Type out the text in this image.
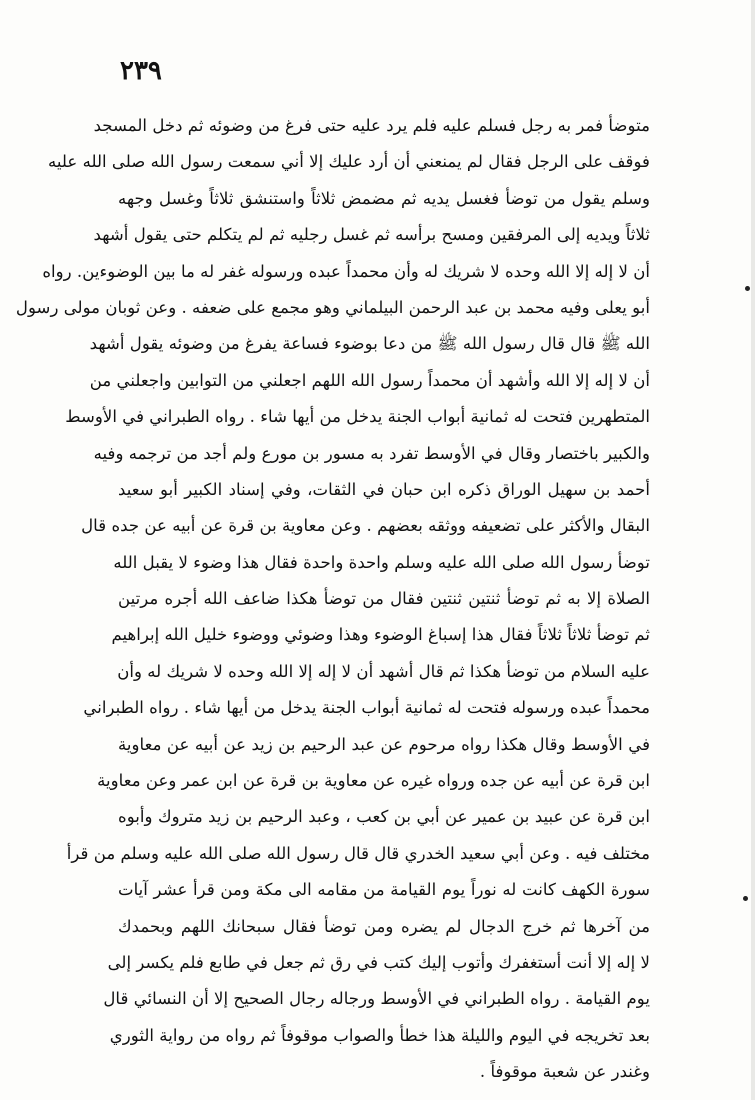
٢٣٩
متوضأ فمر به رجل فسلم عليه فلم يرد عليه حتى فرغ من وضوئه ثم دخل المسجد
فوقف على الرجل فقال لم يمنعني أن أرد عليك إلا أني سمعت رسول الله صلى الله عليه
وسلم يقول من توضأ فغسل يديه ثم مضمض ثلاثاً واستنشق ثلاثاً وغسل وجهه
ثلاثاً ويديه إلى المرفقين ومسح برأسه ثم غسل رجليه ثم لم يتكلم حتى يقول أشهد
أن لا إله إلا الله وحده لا شريك له وأن محمداً عبده ورسوله غفر له ما بين الوضوءين. رواه
أبو يعلى وفيه محمد بن عبد الرحمن البيلماني وهو مجمع على ضعفه . وعن ثوبان مولى رسول
الله ﷺ قال قال رسول الله ﷺ من دعا بوضوء فساعة يفرغ من وضوئه يقول أشهد
أن لا إله إلا الله وأشهد أن محمداً رسول الله اللهم اجعلني من التوابين واجعلني من
المتطهرين فتحت له ثمانية أبواب الجنة يدخل من أيها شاء . رواه الطبراني في الأوسط
والكبير باختصار وقال في الأوسط تفرد به مسور بن مورع ولم أجد من ترجمه وفيه
أحمد بن سهيل الوراق ذكره ابن حبان في الثقات، وفي إسناد الكبير أبو سعيد
البقال والأكثر على تضعيفه ووثقه بعضهم . وعن معاوية بن قرة عن أبيه عن جده قال
توضأ رسول الله صلى الله عليه وسلم واحدة واحدة فقال هذا وضوء لا يقبل الله
الصلاة إلا به ثم توضأ ثنتين ثنتين فقال من توضأ هكذا ضاعف الله أجره مرتين
ثم توضأ ثلاثاً ثلاثاً فقال هذا إسباغ الوضوء وهذا وضوئي ووضوء خليل الله إبراهيم
عليه السلام من توضأ هكذا ثم قال أشهد أن لا إله إلا الله وحده لا شريك له وأن
محمداً عبده ورسوله فتحت له ثمانية أبواب الجنة يدخل من أيها شاء . رواه الطبراني
في الأوسط وقال هكذا رواه مرحوم عن عبد الرحيم بن زيد عن أبيه عن معاوية
ابن قرة عن أبيه عن جده ورواه غيره عن معاوية بن قرة عن ابن عمر وعن معاوية
ابن قرة عن عبيد بن عمير عن أبي بن كعب ، وعبد الرحيم بن زيد متروك وأبوه
مختلف فيه . وعن أبي سعيد الخدري قال قال رسول الله صلى الله عليه وسلم من قرأ
سورة الكهف كانت له نوراً يوم القيامة من مقامه الى مكة ومن قرأ عشر آيات
من آخرها ثم خرج الدجال لم يضره ومن توضأ فقال سبحانك اللهم وبحمدك
لا إله إلا أنت أستغفرك وأتوب إليك كتب في رق ثم جعل في طابع فلم يكسر إلى
يوم القيامة . رواه الطبراني في الأوسط ورجاله رجال الصحيح إلا أن النسائي قال
بعد تخريجه في اليوم والليلة هذا خطأ والصواب موقوفاً ثم رواه من رواية الثوري
وغندر عن شعبة موقوفاً .
